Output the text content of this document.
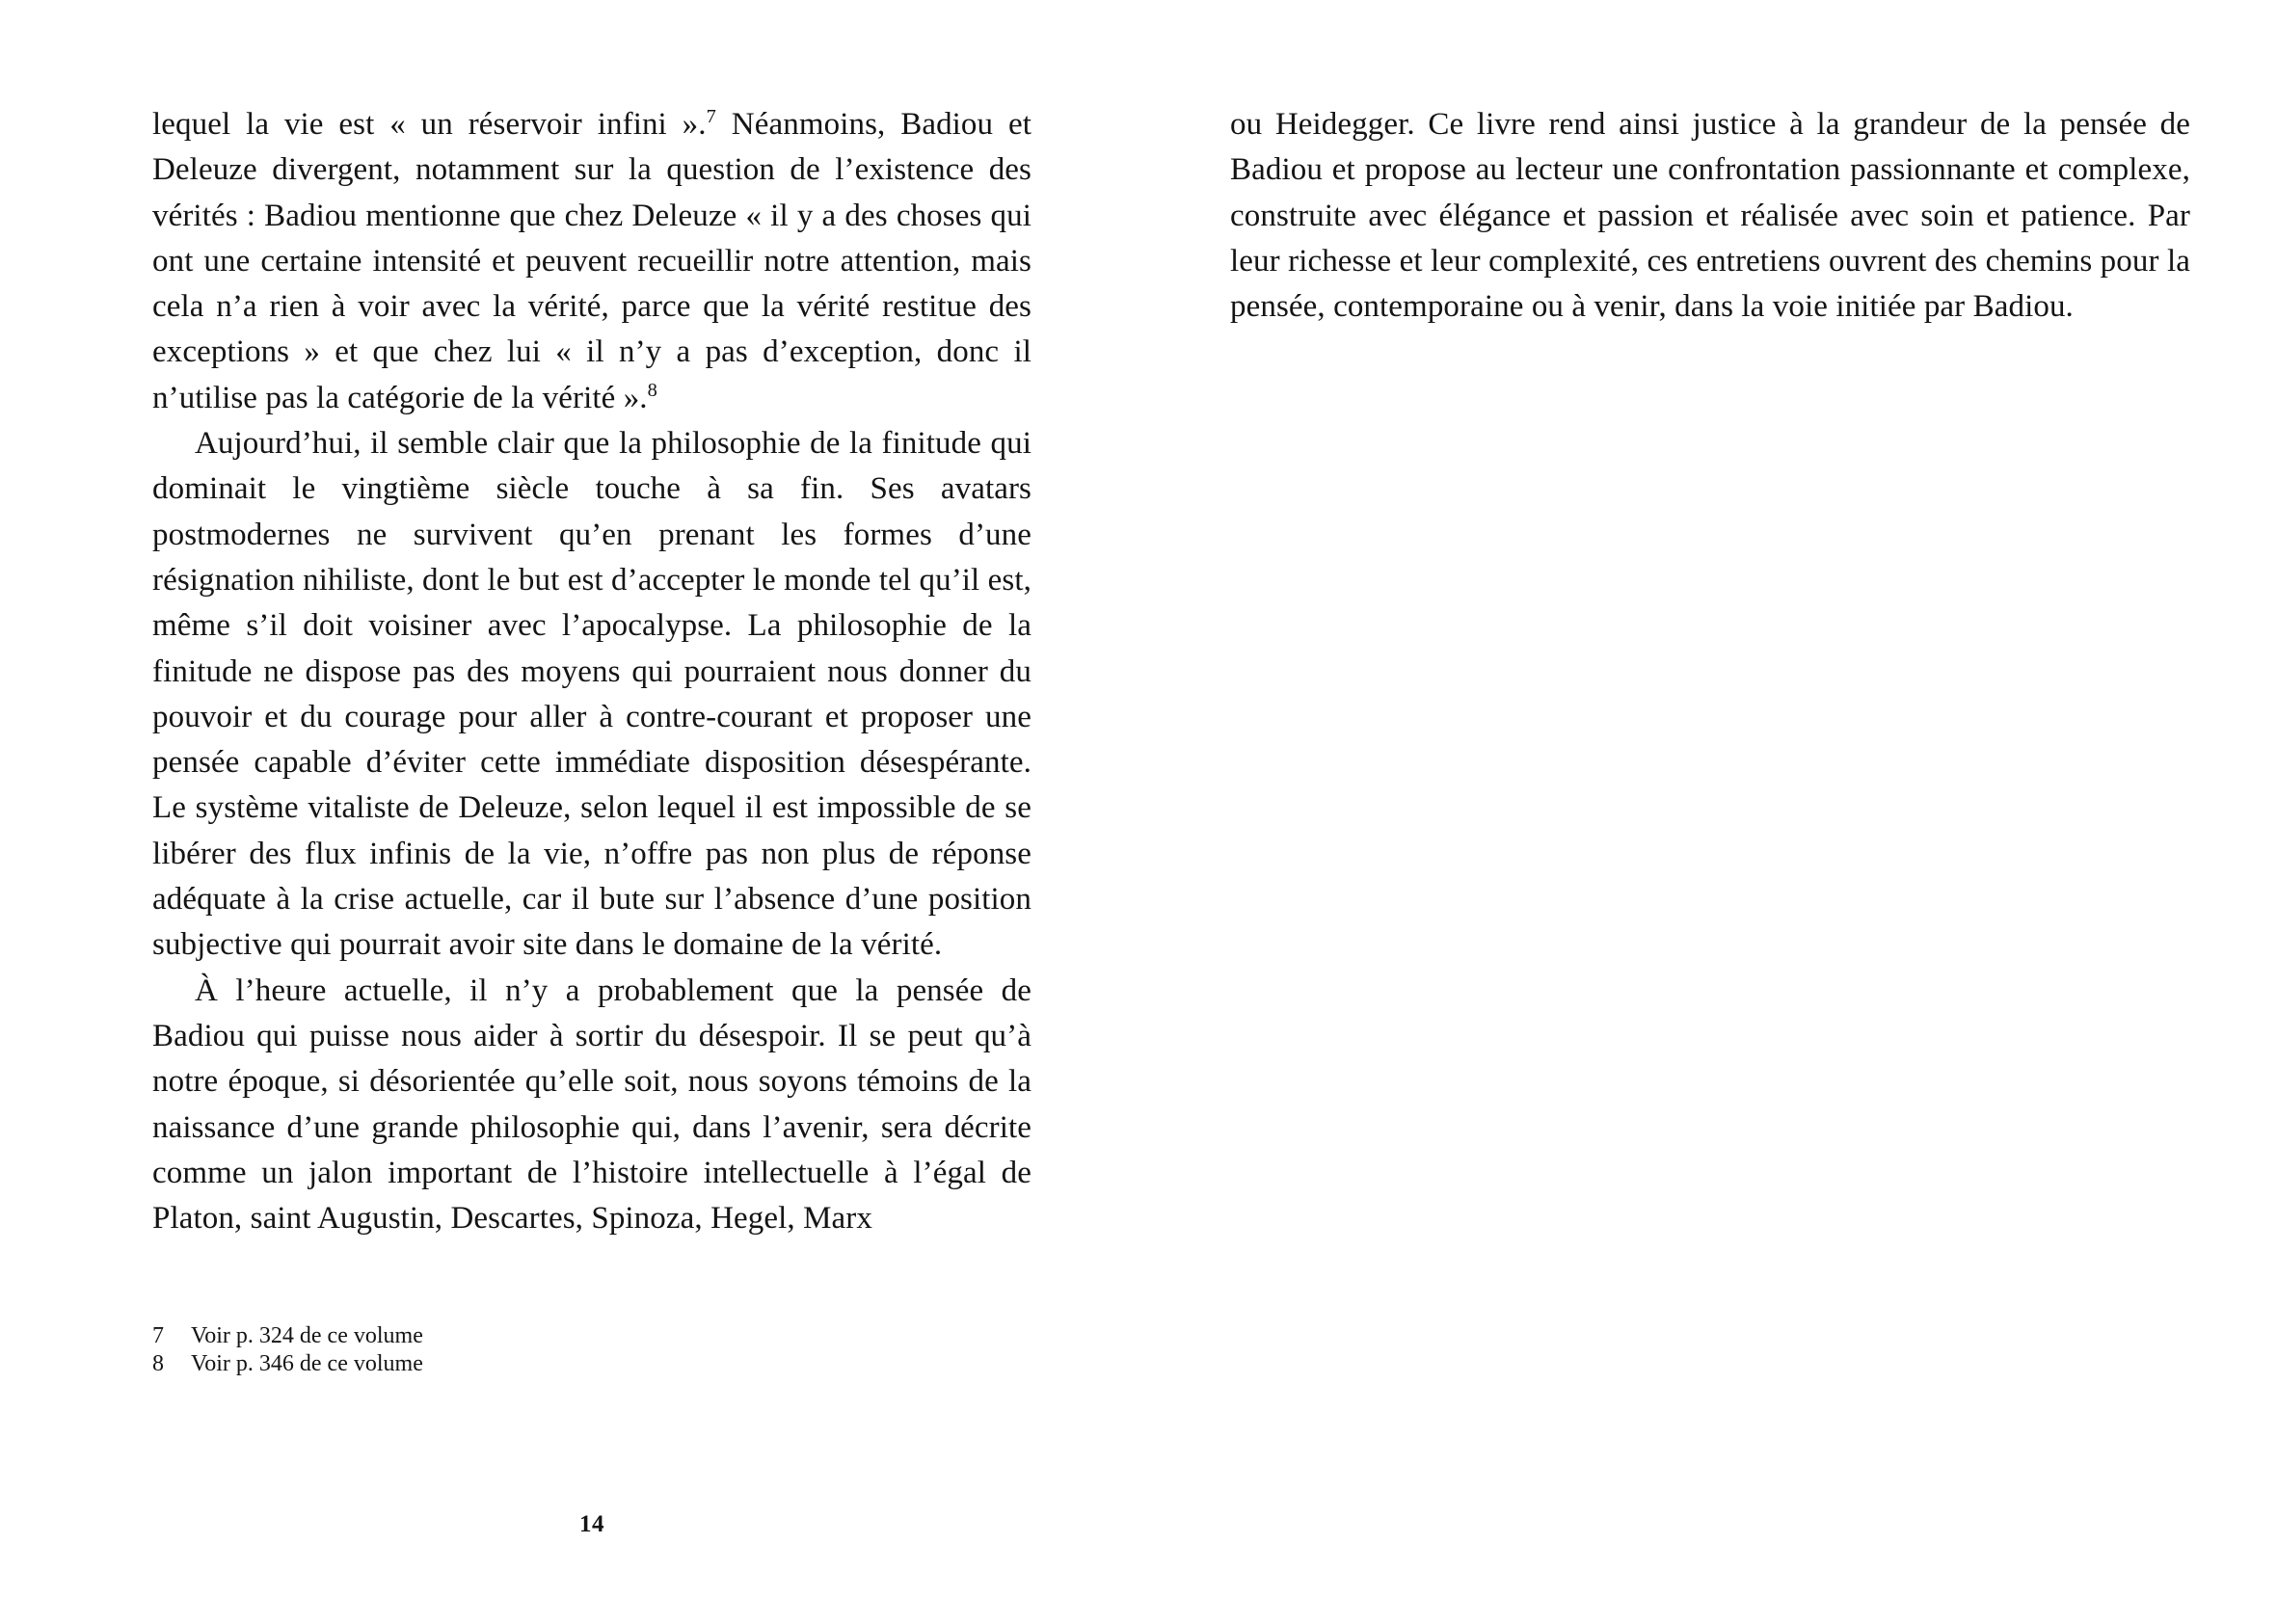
lequel la vie est « un réservoir infini ».$^7$ Néanmoins, Badiou et Deleuze divergent, notamment sur la question de l’existence des vérités : Badiou mentionne que chez Deleuze « il y a des choses qui ont une certaine intensité et peuvent recueillir notre attention, mais cela n’a rien à voir avec la vérité, parce que la vérité restitue des exceptions » et que chez lui « il n’y a pas d’exception, donc il n’utilise pas la catégorie de la vérité ».$^8$

Aujourd’hui, il semble clair que la philosophie de la finitude qui dominait le vingtième siècle touche à sa fin. Ses avatars postmodernes ne survivent qu’en prenant les formes d’une résignation nihiliste, dont le but est d’accepter le monde tel qu’il est, même s’il doit voisiner avec l’apocalypse. La philosophie de la finitude ne dispose pas des moyens qui pourraient nous donner du pouvoir et du courage pour aller à contre-courant et proposer une pensée capable d’éviter cette immédiate disposition désespérante. Le système vitaliste de Deleuze, selon lequel il est impossible de se libérer des flux infinis de la vie, n’offre pas non plus de réponse adéquate à la crise actuelle, car il bute sur l’absence d’une position subjective qui pourrait avoir site dans le domaine de la vérité.

À l’heure actuelle, il n’y a probablement que la pensée de Badiou qui puisse nous aider à sortir du désespoir. Il se peut qu’à notre époque, si désorientée qu’elle soit, nous soyons témoins de la naissance d’une grande philosophie qui, dans l’avenir, sera décrite comme un jalon important de l’histoire intellectuelle à l’égal de Platon, saint Augustin, Descartes, Spinoza, Hegel, Marx

ou Heidegger. Ce livre rend ainsi justice à la grandeur de la pensée de Badiou et propose au lecteur une confrontation passionnante et complexe, construite avec élégance et passion et réalisée avec soin et patience. Par leur richesse et leur complexité, ces entretiens ouvrent des chemins pour la pensée, contemporaine ou à venir, dans la voie initiée par Badiou.

7	Voir p. 324 de ce volume
8	Voir p. 346 de ce volume
14
